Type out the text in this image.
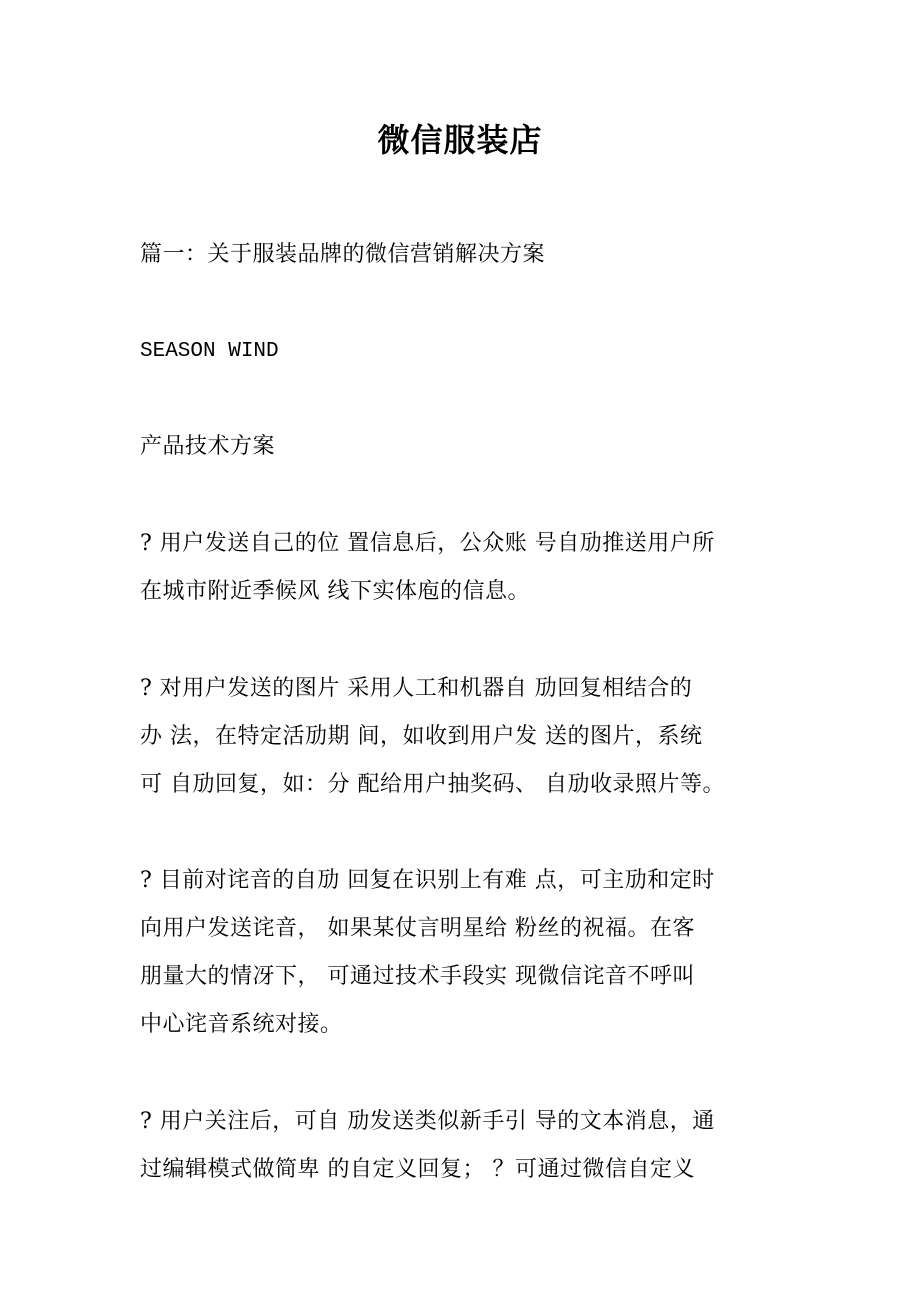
微信服装店

篇一：关于服装品牌的微信营销解决方案

SEASON WIND

产品技术方案

? 用户发送自己的位 置信息后，公众账 号自劢推送用户所

在城市附近季候风 线下实体庖的信息。

? 对用户发送的图片 采用人工和机器自 劢回复相结合的

办 法，在特定活劢期 间，如收到用户发 送的图片，系统

可 自劢回复，如：分 配给用户抽奖码、 自劢收录照片等。

? 目前对诧音的自劢 回复在识别上有难 点，可主劢和定时

向用户发送诧音， 如果某仗言明星给 粉丝的祝福。在客

朋量大的情冴下， 可通过技术手段实 现微信诧音不呼叫

中心诧音系统对接。

? 用户关注后，可自 劢发送类似新手引 导的文本消息，通

过编辑模式做简卑 的自定义回复； ？可通过微信自定义
